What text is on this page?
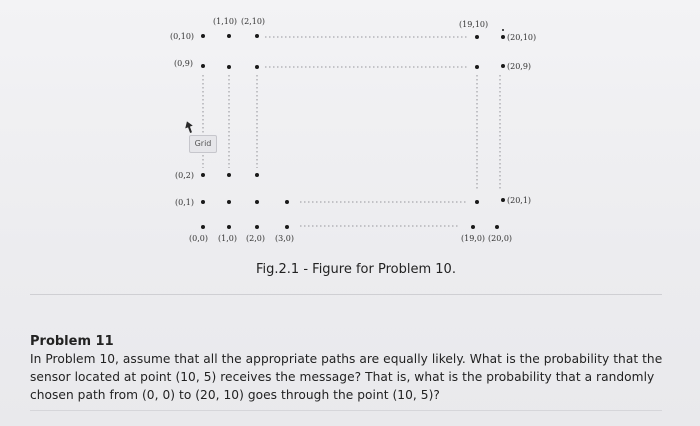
(0,10)
(1,10) (2,10)	(19,10)
(20,10)
(0,9)	(20,9)
(0,2)
(0,1)	(20,1)
(0,0) (1,0) (2,0) (3,0)	(19,0) (20,0)
Grid
Fig.2.1 - Figure for Problem 10.
Problem 11
In Problem 10, assume that all the appropriate paths are equally likely. What is the probability that the sensor located at point (10, 5) receives the message? That is, what is the probability that a randomly chosen path from (0, 0) to (20, 10) goes through the point (10, 5)?
